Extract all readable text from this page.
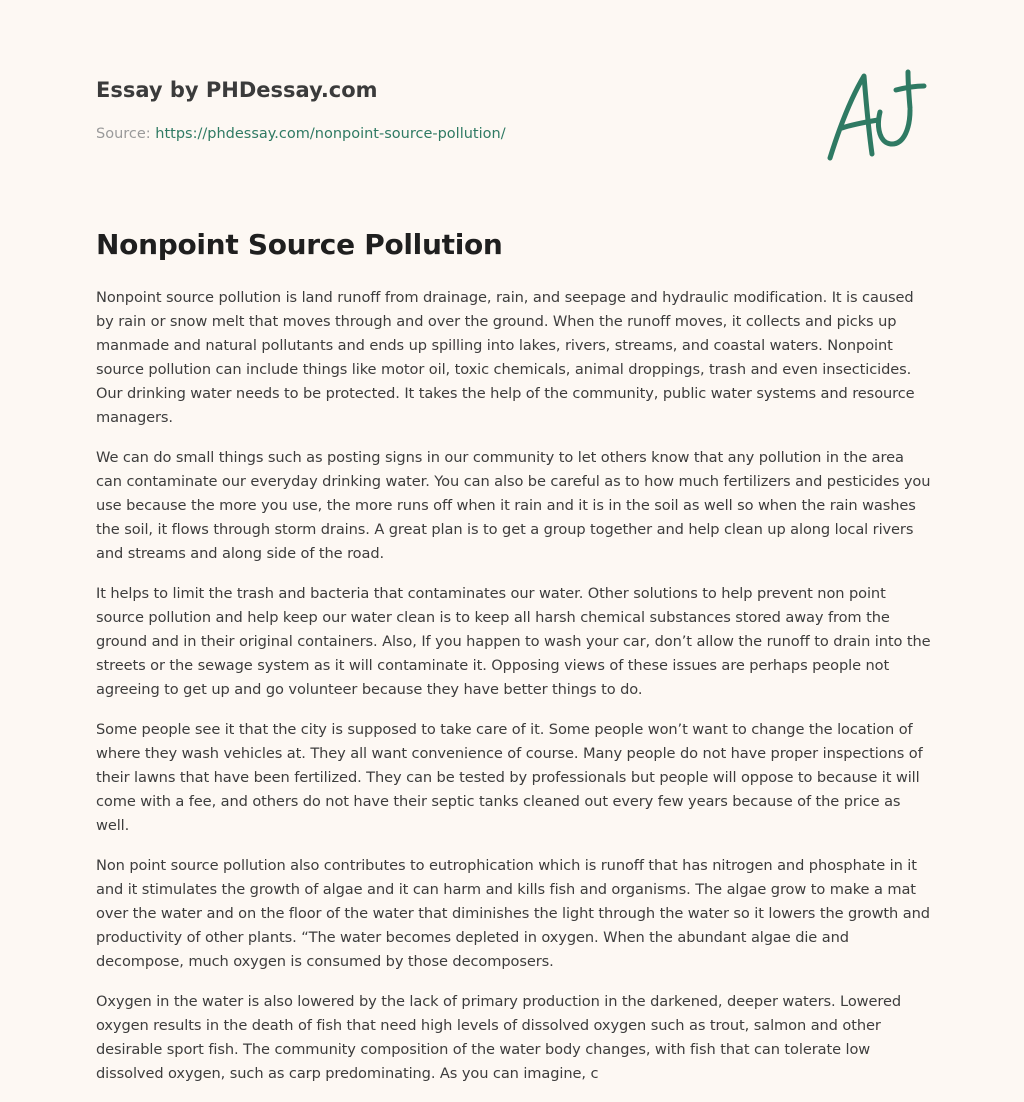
Essay by PHDessay.com
Source: https://phdessay.com/nonpoint-source-pollution/
Nonpoint Source Pollution

Nonpoint source pollution is land runoff from drainage, rain, and seepage and hydraulic modification. It is caused by rain or snow melt that moves through and over the ground. When the runoff moves, it collects and picks up manmade and natural pollutants and ends up spilling into lakes, rivers, streams, and coastal waters. Nonpoint source pollution can include things like motor oil, toxic chemicals, animal droppings, trash and even insecticides. Our drinking water needs to be protected. It takes the help of the community, public water systems and resource managers.

We can do small things such as posting signs in our community to let others know that any pollution in the area can contaminate our everyday drinking water. You can also be careful as to how much fertilizers and pesticides you use because the more you use, the more runs off when it rain and it is in the soil as well so when the rain washes the soil, it flows through storm drains. A great plan is to get a group together and help clean up along local rivers and streams and along side of the road.

It helps to limit the trash and bacteria that contaminates our water. Other solutions to help prevent non point source pollution and help keep our water clean is to keep all harsh chemical substances stored away from the ground and in their original containers. Also, If you happen to wash your car, don’t allow the runoff to drain into the streets or the sewage system as it will contaminate it. Opposing views of these issues are perhaps people not agreeing to get up and go volunteer because they have better things to do.

Some people see it that the city is supposed to take care of it. Some people won’t want to change the location of where they wash vehicles at. They all want convenience of course. Many people do not have proper inspections of their lawns that have been fertilized. They can be tested by professionals but people will oppose to because it will come with a fee, and others do not have their septic tanks cleaned out every few years because of the price as well.

Non point source pollution also contributes to eutrophication which is runoff that has nitrogen and phosphate in it and it stimulates the growth of algae and it can harm and kills fish and organisms. The algae grow to make a mat over the water and on the floor of the water that diminishes the light through the water so it lowers the growth and productivity of other plants. “The water becomes depleted in oxygen. When the abundant algae die and decompose, much oxygen is consumed by those decomposers.

Oxygen in the water is also lowered by the lack of primary production in the darkened, deeper waters. Lowered oxygen results in the death of fish that need high levels of dissolved oxygen such as trout, salmon and other desirable sport fish. The community composition of the water body changes, with fish that can tolerate low dissolved oxygen, such as carp predominating. As you can imagine, c
